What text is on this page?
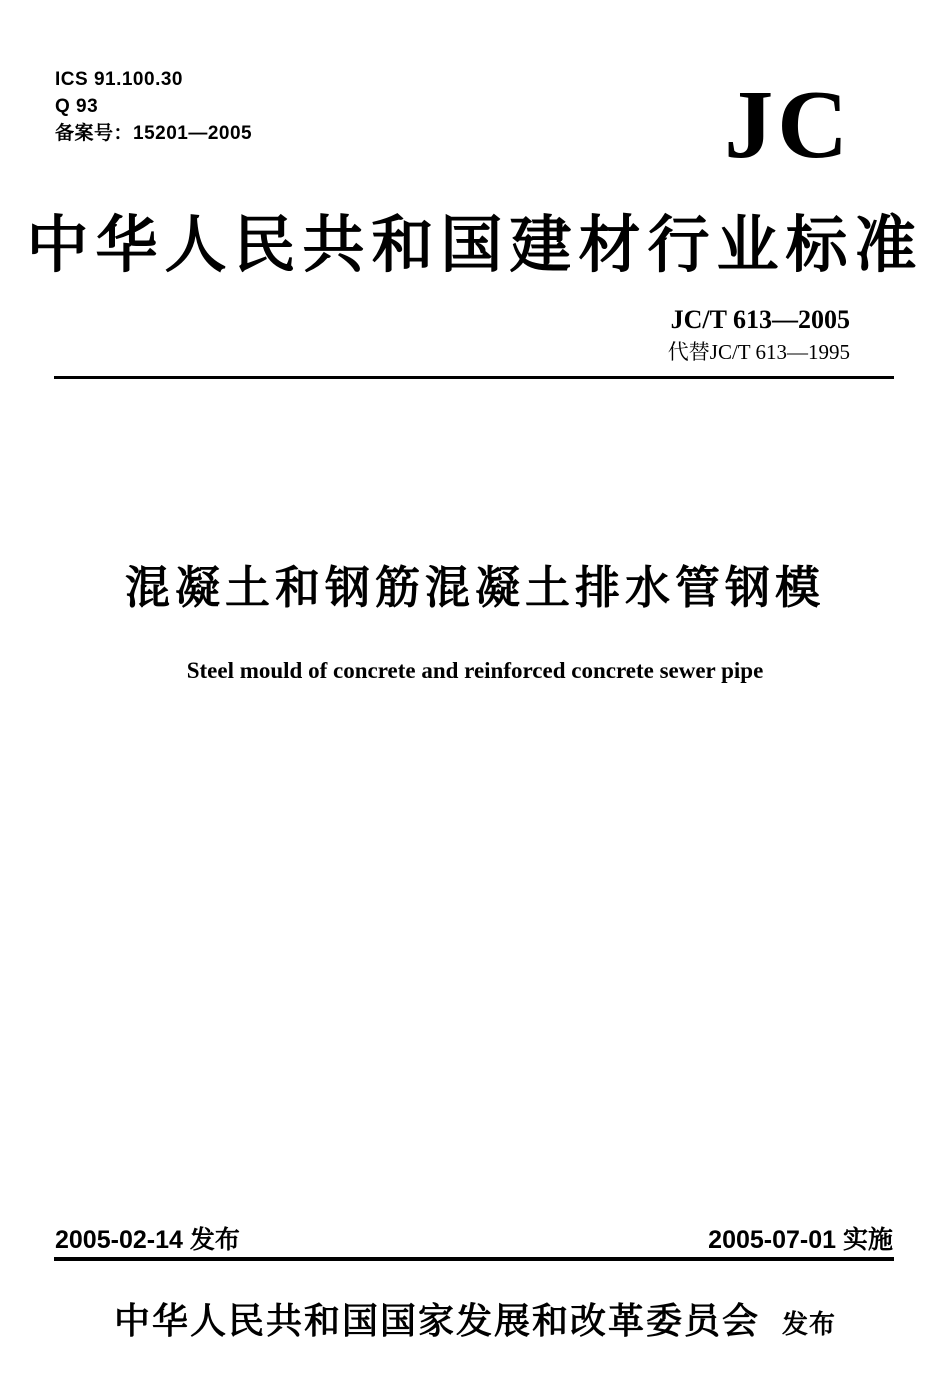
ICS 91.100.30
Q 93
备案号：15201—2005	JC
中华人民共和国建材行业标准
JC/T 613—2005
代替JC/T 613—1995
混凝土和钢筋混凝土排水管钢模
Steel mould of concrete and reinforced concrete sewer pipe
2005-02-14 发布	2005-07-01 实施
中华人民共和国国家发展和改革委员会 发布
